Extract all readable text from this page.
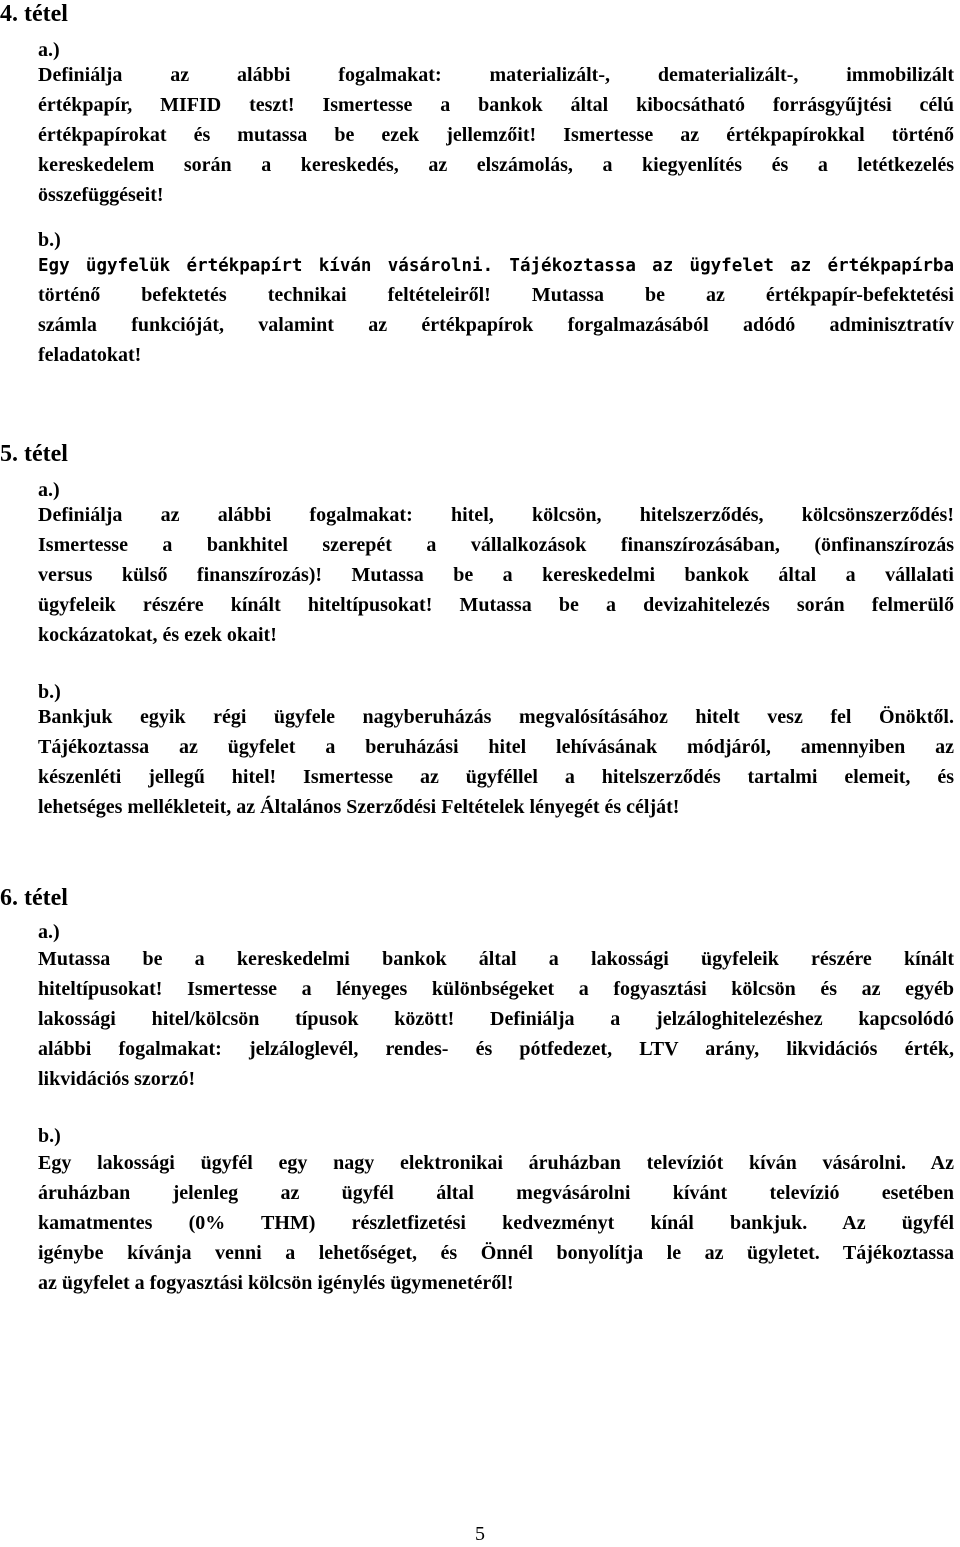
4. tétel
a.)
Definiálja az alábbi fogalmakat: materializált-, dematerializált-, immobilizált
értékpapír, MIFID teszt! Ismertesse a bankok által kibocsátható forrásgyűjtési célú
értékpapírokat és mutassa be ezek jellemzőit! Ismertesse az értékpapírokkal történő
kereskedelem során a kereskedés, az elszámolás, a kiegyenlítés és a letétkezelés
összefüggéseit!
b.)
Egy ügyfelük értékpapírt kíván vásárolni. Tájékoztassa az ügyfelet az értékpapírba
történő befektetés technikai feltételeiről! Mutassa be az értékpapír-befektetési
számla funkcióját, valamint az értékpapírok forgalmazásából adódó adminisztratív
feladatokat!
5. tétel
a.)
Definiálja az alábbi fogalmakat: hitel, kölcsön, hitelszerződés, kölcsönszerződés!
Ismertesse a bankhitel szerepét a vállalkozások finanszírozásában, (önfinanszírozás
versus külső finanszírozás)! Mutassa be a kereskedelmi bankok által a vállalati
ügyfeleik részére kínált hiteltípusokat! Mutassa be a devizahitelezés során felmerülő
kockázatokat, és ezek okait!
b.)
Bankjuk egyik régi ügyfele nagyberuházás megvalósításához hitelt vesz fel Önöktől.
Tájékoztassa az ügyfelet a beruházási hitel lehívásának módjáról, amennyiben az
készenléti jellegű hitel! Ismertesse az ügyféllel a hitelszerződés tartalmi elemeit, és
lehetséges mellékleteit, az Általános Szerződési Feltételek lényegét és célját!
6. tétel
a.)
Mutassa be a kereskedelmi bankok által a lakossági ügyfeleik részére kínált
hiteltípusokat! Ismertesse a lényeges különbségeket a fogyasztási kölcsön és az egyéb
lakossági hitel/kölcsön típusok között! Definiálja a jelzáloghitelezéshez kapcsolódó
alábbi fogalmakat: jelzáloglevél, rendes- és pótfedezet, LTV arány, likvidációs érték,
likvidációs szorzó!
b.)
Egy lakossági ügyfél egy nagy elektronikai áruházban televíziót kíván vásárolni. Az
áruházban jelenleg az ügyfél által megvásárolni kívánt televízió esetében
kamatmentes (0% THM) részletfizetési kedvezményt kínál bankjuk. Az ügyfél
igénybe kívánja venni a lehetőséget, és Önnél bonyolítja le az ügyletet. Tájékoztassa
az ügyfelet a fogyasztási kölcsön igénylés ügymenetéről!
5
